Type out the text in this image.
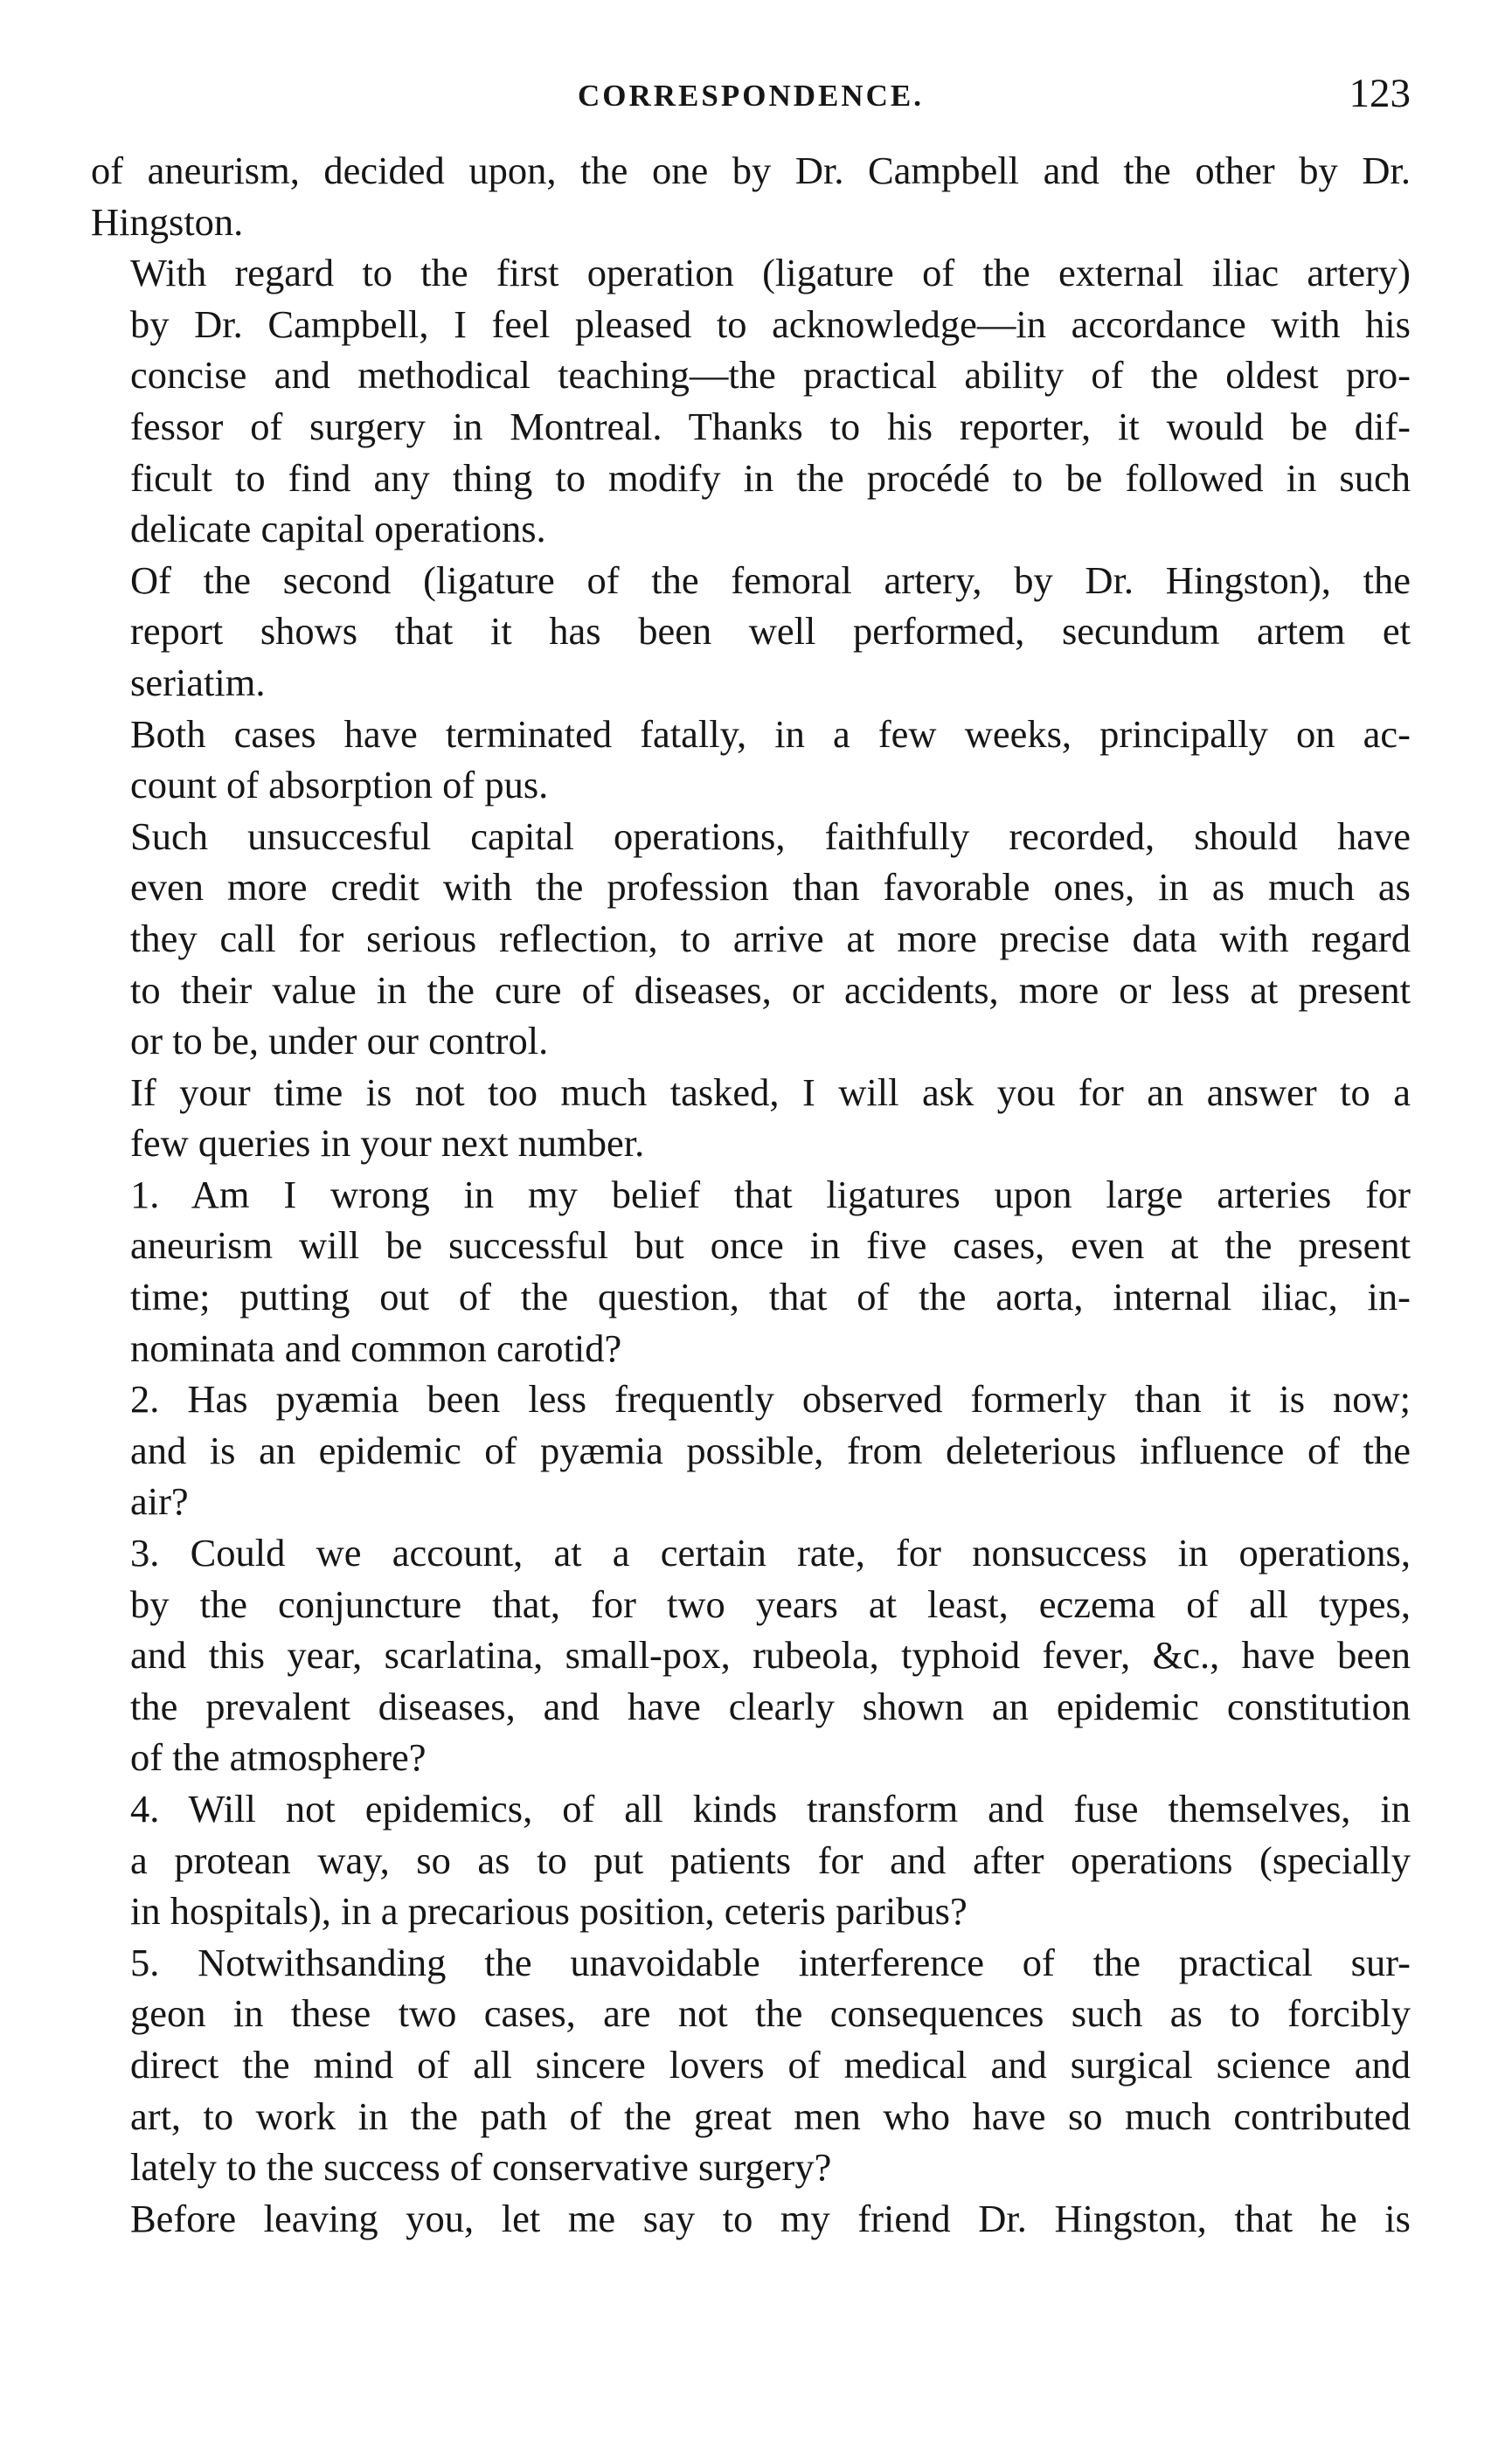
CORRESPONDENCE.	123

of aneurism, decided upon, the one by Dr. Campbell and the other by Dr.
Hingston.

With regard to the first operation (ligature of the external iliac artery)
by Dr. Campbell, I feel pleased to acknowledge—in accordance with his
concise and methodical teaching—the practical ability of the oldest pro-
fessor of surgery in Montreal. Thanks to his reporter, it would be dif-
ficult to find any thing to modify in the procédé to be followed in such
delicate capital operations.

Of the second (ligature of the femoral artery, by Dr. Hingston), the
report shows that it has been well performed, secundum artem et
seriatim.

Both cases have terminated fatally, in a few weeks, principally on ac-
count of absorption of pus.

Such unsuccesful capital operations, faithfully recorded, should have
even more credit with the profession than favorable ones, in as much as
they call for serious reflection, to arrive at more precise data with regard
to their value in the cure of diseases, or accidents, more or less at present
or to be, under our control.

If your time is not too much tasked, I will ask you for an answer to a
few queries in your next number.

1. Am I wrong in my belief that ligatures upon large arteries for
aneurism will be successful but once in five cases, even at the present
time; putting out of the question, that of the aorta, internal iliac, in-
nominata and common carotid?

2. Has pyæmia been less frequently observed formerly than it is now;
and is an epidemic of pyæmia possible, from deleterious influence of the
air?

3. Could we account, at a certain rate, for nonsuccess in operations,
by the conjuncture that, for two years at least, eczema of all types,
and this year, scarlatina, small-pox, rubeola, typhoid fever, &c., have been
the prevalent diseases, and have clearly shown an epidemic constitution
of the atmosphere?

4. Will not epidemics, of all kinds transform and fuse themselves, in
a protean way, so as to put patients for and after operations (specially
in hospitals), in a precarious position, ceteris paribus?

5. Notwithsanding the unavoidable interference of the practical sur-
geon in these two cases, are not the consequences such as to forcibly
direct the mind of all sincere lovers of medical and surgical science and
art, to work in the path of the great men who have so much contributed
lately to the success of conservative surgery?

Before leaving you, let me say to my friend Dr. Hingston, that he is
